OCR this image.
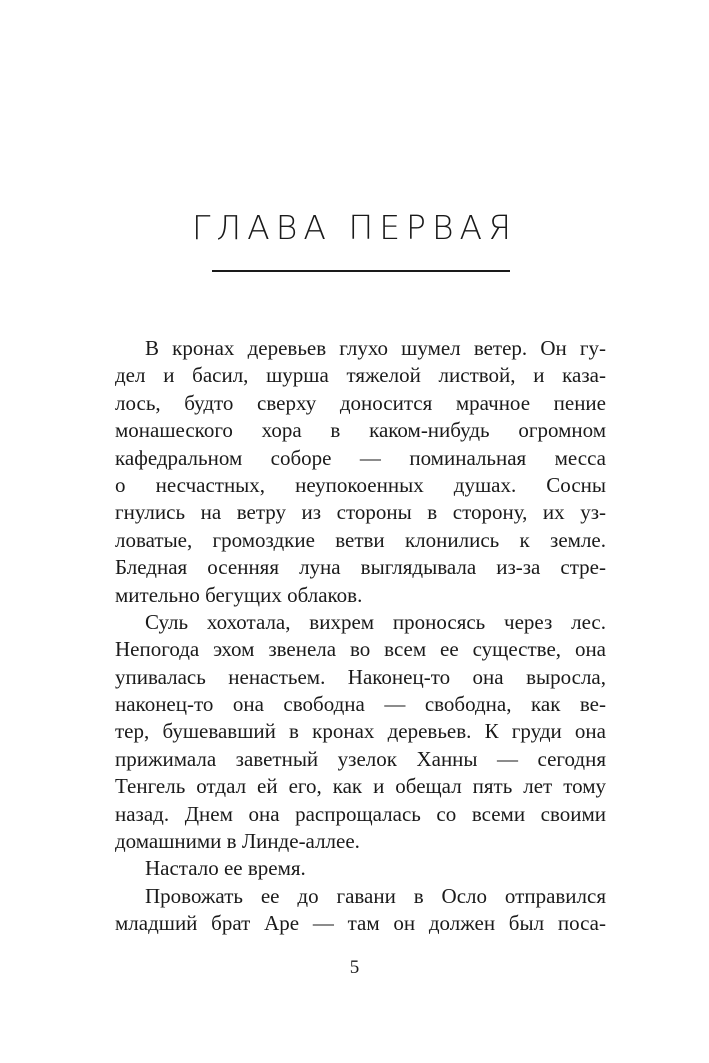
ГЛАВА ПЕРВАЯ
В кронах деревьев глухо шумел ветер. Он гу-
дел и басил, шурша тяжелой листвой, и каза-
лось, будто сверху доносится мрачное пение
монашеского хора в каком-нибудь огромном
кафедральном соборе — поминальная месса
о несчастных, неупокоенных душах. Сосны
гнулись на ветру из стороны в сторону, их уз-
ловатые, громоздкие ветви клонились к земле.
Бледная осенняя луна выглядывала из-за стре-
мительно бегущих облаков.
Суль хохотала, вихрем проносясь через лес.
Непогода эхом звенела во всем ее существе, она
упивалась ненастьем. Наконец-то она выросла,
наконец-то она свободна — свободна, как ве-
тер, бушевавший в кронах деревьев. К груди она
прижимала заветный узелок Ханны — сегодня
Тенгель отдал ей его, как и обещал пять лет тому
назад. Днем она распрощалась со всеми своими
домашними в Линде-аллее.
Настало ее время.
Провожать ее до гавани в Осло отправился
младший брат Аре — там он должен был поса-
5
